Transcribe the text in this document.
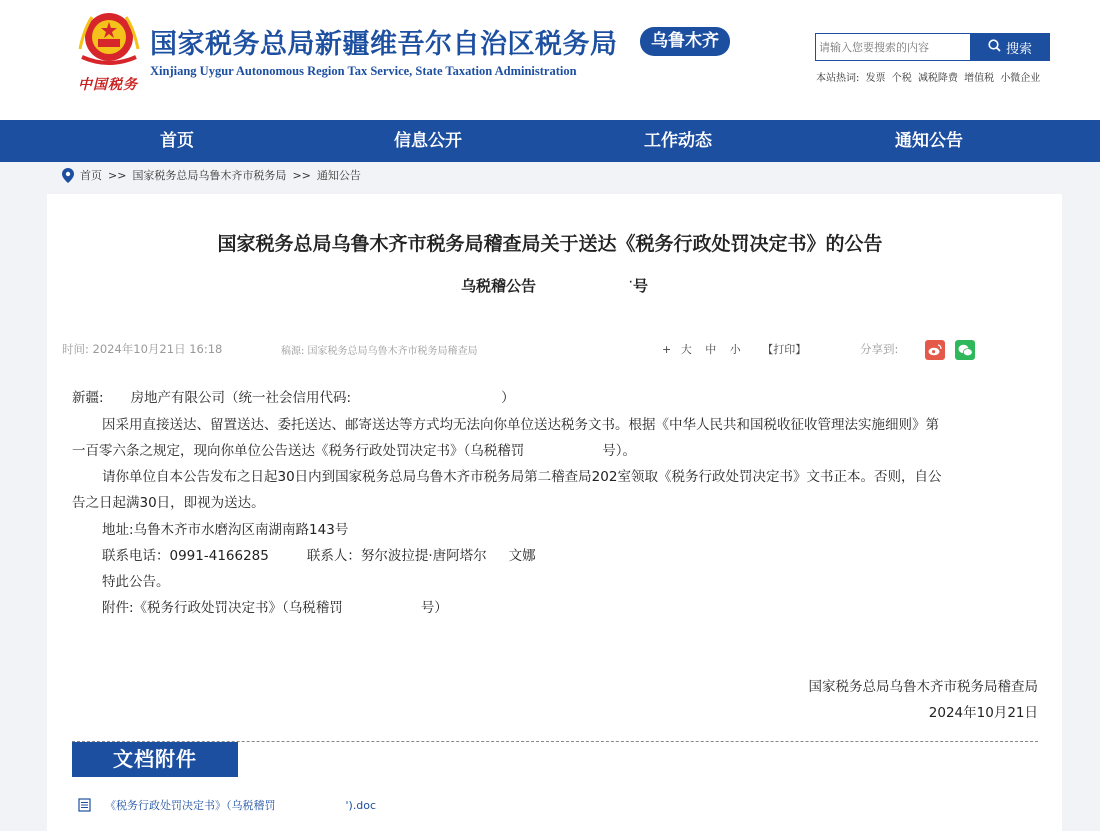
中国税务
国家税务总局新疆维吾尔自治区税务局	乌鲁木齐
Xinjiang Uygur Autonomous Region Tax Service, State Taxation Administration
请输入您要搜索的内容
搜索
本站热词: 发票 个税 减税降费 增值税 小微企业
首页	信息公开	工作动态	通知公告
首页 >> 国家税务总局乌鲁木齐市税务局 >> 通知公告
国家税务总局乌鲁木齐市税务局稽查局关于送达《税务行政处罚决定书》的公告
乌税稽公告	· 号
时间: 2024年10月21日 16:18	稿源: 国家税务总局乌鲁木齐市税务局稽查局	+ 大 中 小 【打印】	分享到:
新疆: 房地产有限公司（统一社会信用代码:	）
因采用直接送达、留置送达、委托送达、邮寄送达等方式均无法向你单位送达税务文书。根据《中华人民共和国税收征收管理法实施细则》第
一百零六条之规定，现向你单位公告送达《税务行政处罚决定书》（乌税稽罚	号）。
请你单位自本公告发布之日起30日内到国家税务总局乌鲁木齐市税务局第二稽查局202室领取《税务行政处罚决定书》文书正本。否则，自公
告之日起满30日，即视为送达。
地址:乌鲁木齐市水磨沟区南湖南路143号
联系电话：0991-4166285	联系人：努尔波拉提·唐阿塔尔 文娜
特此公告。
附件:《税务行政处罚决定书》（乌税稽罚	号）
国家税务总局乌鲁木齐市税务局稽查局
2024年10月21日
文档附件
《税务行政处罚决定书》（乌税稽罚	').doc
